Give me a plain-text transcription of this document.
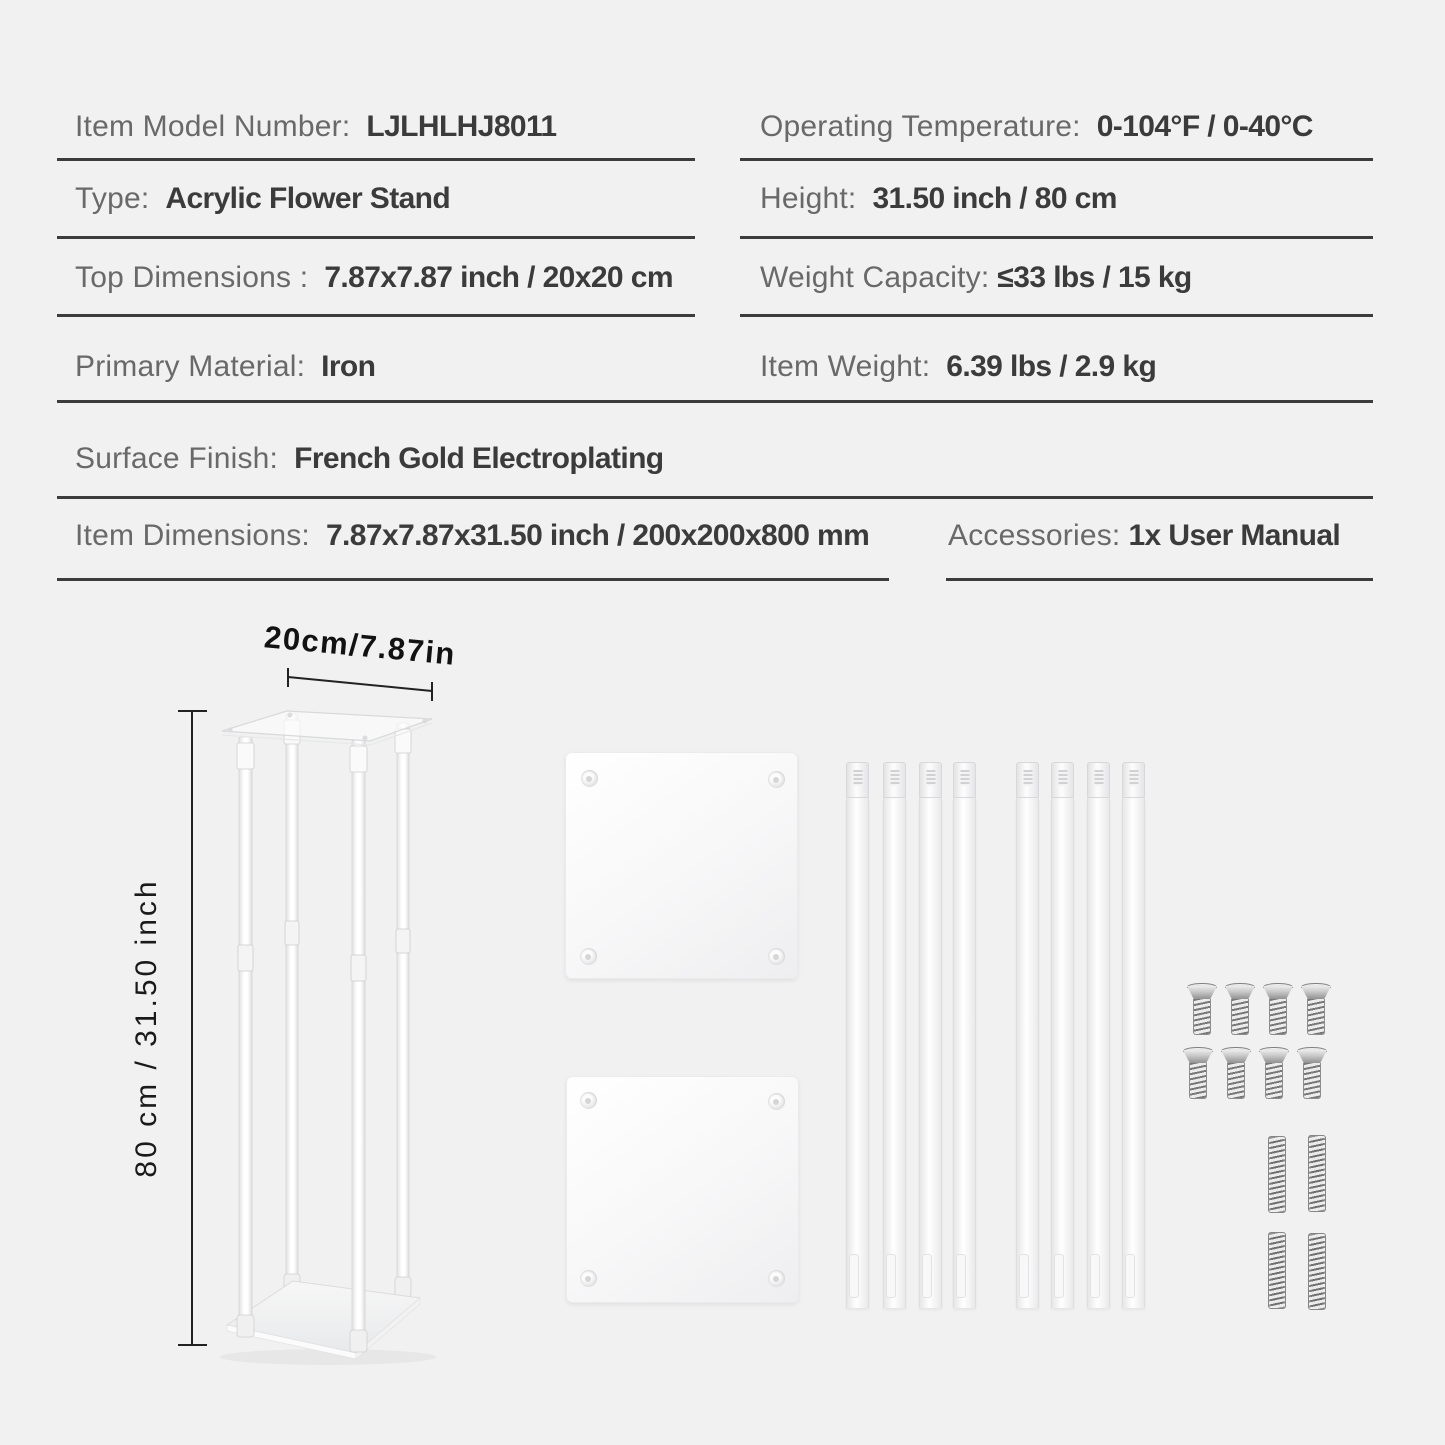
Item Model Number: LJLHLHJ8011
Type: Acrylic Flower Stand
Top Dimensions : 7.87x7.87 inch / 20x20 cm
Primary Material: Iron
Surface Finish: French Gold Electroplating
Item Dimensions: 7.87x7.87x31.50 inch / 200x200x800 mm
Operating Temperature: 0-104°F / 0-40°C
Height: 31.50 inch / 80 cm
Weight Capacity: ≤33 lbs / 15 kg
Item Weight: 6.39 lbs / 2.9 kg
Accessories: 1x User Manual
20cm/7.87in
80 cm / 31.50 inch
